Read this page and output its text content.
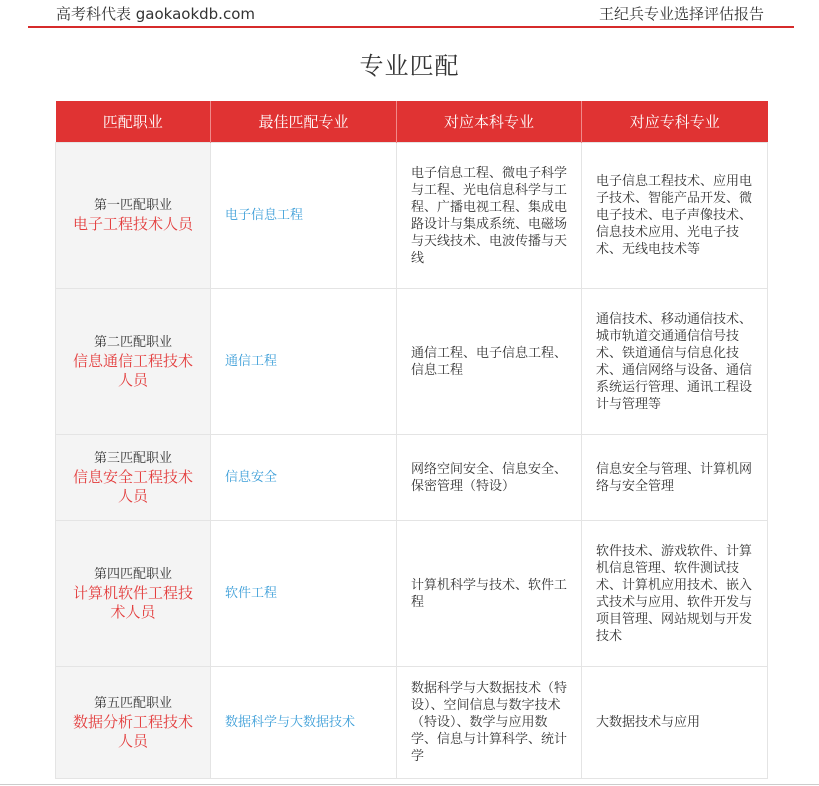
高考科代表 gaokaokdb.com	王纪兵专业选择评估报告
专业匹配
匹配职业	最佳匹配专业	对应本科专业	对应专科专业

第一匹配职业
电子工程技术人员	电子信息工程	电子信息工程、微电子科学与工程、光电信息科学与工程、广播电视工程、集成电路设计与集成系统、电磁场与天线技术、电波传播与天线	电子信息工程技术、应用电子技术、智能产品开发、微电子技术、电子声像技术、信息技术应用、光电子技术、无线电技术等

第二匹配职业
信息通信工程技术人员	通信工程	通信工程、电子信息工程、信息工程	通信技术、移动通信技术、城市轨道交通通信信号技术、铁道通信与信息化技术、通信网络与设备、通信系统运行管理、通讯工程设计与管理等

第三匹配职业
信息安全工程技术人员	信息安全	网络空间安全、信息安全、保密管理（特设）	信息安全与管理、计算机网络与安全管理

第四匹配职业
计算机软件工程技术人员	软件工程	计算机科学与技术、软件工程	软件技术、游戏软件、计算机信息管理、软件测试技术、计算机应用技术、嵌入式技术与应用、软件开发与项目管理、网站规划与开发技术

第五匹配职业
数据分析工程技术人员	数据科学与大数据技术	数据科学与大数据技术（特设）、空间信息与数字技术（特设）、数学与应用数学、信息与计算科学、统计学	大数据技术与应用
